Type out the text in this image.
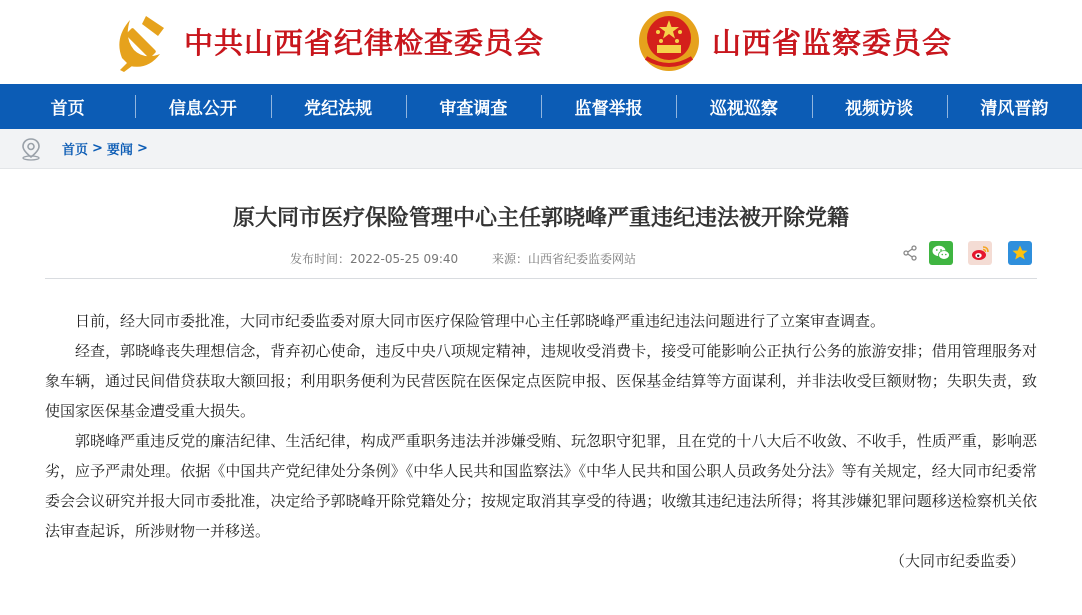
中共山西省纪律检查委员会	山西省监察委员会
首页	信息公开	党纪法规	审查调查	监督举报	巡视巡察	视频访谈	清风晋韵
首页 > 要闻 >
原大同市医疗保险管理中心主任郭晓峰严重违纪违法被开除党籍
发布时间：2022-05-25 09:40	来源：山西省纪委监委网站

日前，经大同市委批准，大同市纪委监委对原大同市医疗保险管理中心主任郭晓峰严重违纪违法问题进行了立案审查调查。

经查，郭晓峰丧失理想信念，背弃初心使命，违反中央八项规定精神，违规收受消费卡，接受可能影响公正执行公务的旅游安排；借用管理服务对象车辆，通过民间借贷获取大额回报；利用职务便利为民营医院在医保定点医院申报、医保基金结算等方面谋利，并非法收受巨额财物；失职失责，致使国家医保基金遭受重大损失。

郭晓峰严重违反党的廉洁纪律、生活纪律，构成严重职务违法并涉嫌受贿、玩忽职守犯罪，且在党的十八大后不收敛、不收手，性质严重，影响恶劣，应予严肃处理。依据《中国共产党纪律处分条例》《中华人民共和国监察法》《中华人民共和国公职人员政务处分法》等有关规定，经大同市纪委常委会会议研究并报大同市委批准，决定给予郭晓峰开除党籍处分；按规定取消其享受的待遇；收缴其违纪违法所得；将其涉嫌犯罪问题移送检察机关依法审查起诉，所涉财物一并移送。

（大同市纪委监委）
